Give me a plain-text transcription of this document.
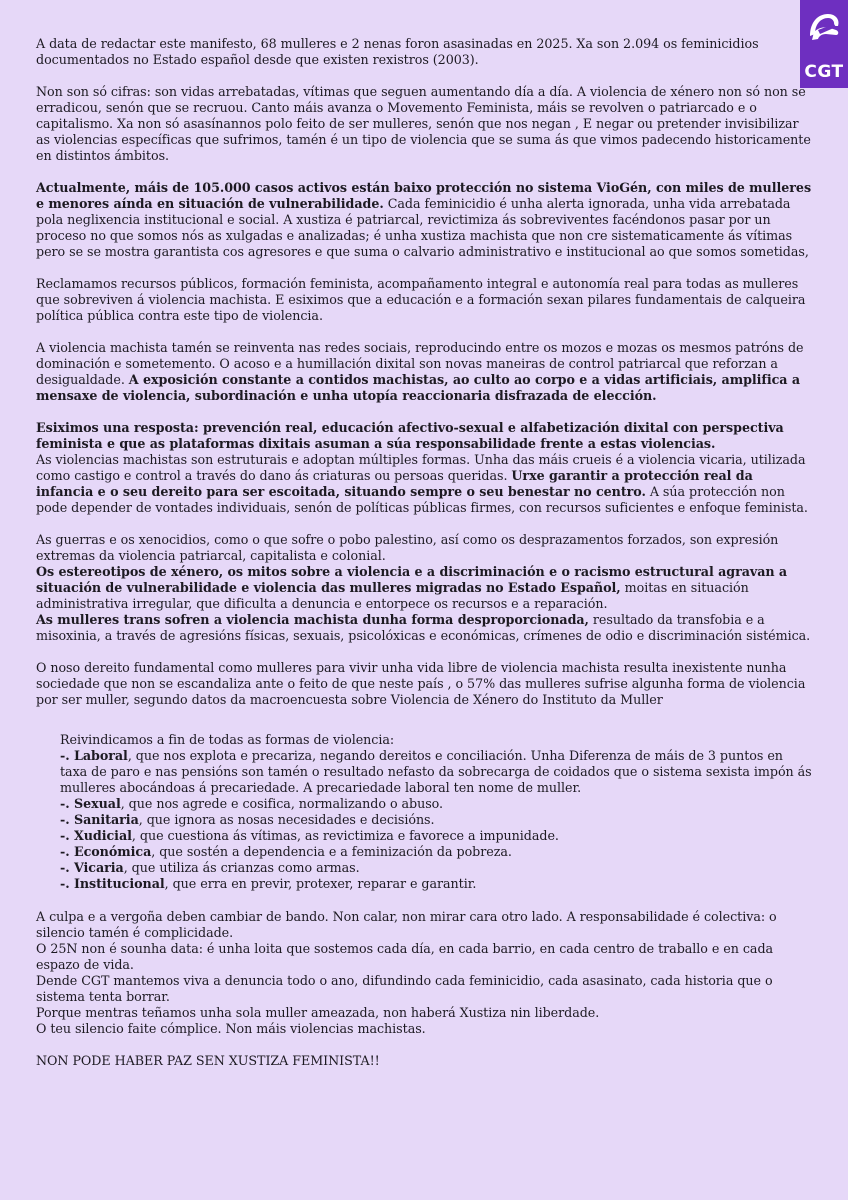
CGT

A data de redactar este manifesto, 68 mulleres e 2 nenas foron asasinadas en 2025. Xa son 2.094 os feminicidios documentados no Estado español desde que existen rexistros (2003).

Non son só cifras: son vidas arrebatadas, vítimas que seguen aumentando día a día. A violencia de xénero non só non se erradicou, senón que se recruou. Canto máis avanza o Movemento Feminista, máis se revolven o patriarcado e o capitalismo. Xa non só asasínannos polo feito de ser mulleres, senón que nos negan , E negar ou pretender invisibilizar as violencias específicas que sufrimos, tamén é un tipo de violencia que se suma ás que vimos padecendo historicamente en distintos ámbitos.

Actualmente, máis de 105.000 casos activos están baixo protección no sistema VioGén, con miles de mulleres e menores aínda en situación de vulnerabilidade. Cada feminicidio é unha alerta ignorada, unha vida arrebatada pola neglixencia institucional e social. A xustiza é patriarcal, revictimiza ás sobreviventes facéndonos pasar por un proceso no que somos nós as xulgadas e analizadas; é unha xustiza machista que non cre sistematicamente ás vítimas pero se se mostra garantista cos agresores e que suma o calvario administrativo e institucional ao que somos sometidas,

Reclamamos recursos públicos, formación feminista, acompañamento integral e autonomía real para todas as mulleres que sobreviven á violencia machista. E esiximos que a educación e a formación sexan pilares fundamentais de calqueira política pública contra este tipo de violencia.

A violencia machista tamén se reinventa nas redes sociais, reproducindo entre os mozos e mozas os mesmos patróns de dominación e sometemento. O acoso e a humillación dixital son novas maneiras de control patriarcal que reforzan a desigualdade. A exposición constante a contidos machistas, ao culto ao corpo e a vidas artificiais, amplifica a mensaxe de violencia, subordinación e unha utopía reaccionaria disfrazada de elección.

Esiximos una resposta: prevención real, educación afectivo-sexual e alfabetización dixital con perspectiva feminista e que as plataformas dixitais asuman a súa responsabilidade frente a estas violencias.

As violencias machistas son estruturais e adoptan múltiples formas. Unha das máis crueis é a violencia vicaria, utilizada como castigo e control a través do dano ás criaturas ou persoas queridas. Urxe garantir a protección real da infancia e o seu dereito para ser escoitada, situando sempre o seu benestar no centro. A súa protección non pode depender de vontades individuais, senón de políticas públicas firmes, con recursos suficientes e enfoque feminista.

As guerras e os xenocidios, como o que sofre o pobo palestino, así como os desprazamentos forzados, son expresión extremas da violencia patriarcal, capitalista e colonial.

Os estereotipos de xénero, os mitos sobre a violencia e a discriminación e o racismo estructural agravan a situación de vulnerabilidade e violencia das mulleres migradas no Estado Español, moitas en situación administrativa irregular, que dificulta a denuncia e entorpece os recursos e a reparación.

As mulleres trans sofren a violencia machista dunha forma desproporcionada, resultado da transfobia e a misoxinia, a través de agresións físicas, sexuais, psicolóxicas e económicas, crímenes de odio e discriminación sistémica.

O noso dereito fundamental como mulleres para vivir unha vida libre de violencia machista resulta inexistente nunha sociedade que non se escandaliza ante o feito de que neste país , o 57% das mulleres sufrise algunha forma de violencia por ser muller, segundo datos da macroencuesta sobre Violencia de Xénero do Instituto da Muller

Reivindicamos a fin de todas as formas de violencia:

-. Laboral, que nos explota e precariza, negando dereitos e conciliación. Unha Diferenza de máis de 3 puntos en taxa de paro e nas pensións son tamén o resultado nefasto da sobrecarga de coidados que o sistema sexista impón ás mulleres abocándoas á precariedade. A precariedade laboral ten nome de muller.

-. Sexual, que nos agrede e cosifica, normalizando o abuso.

-. Sanitaria, que ignora as nosas necesidades e decisións.

-. Xudicial, que cuestiona ás vítimas, as revictimiza e favorece a impunidade.

-. Económica, que sostén a dependencia e a feminización da pobreza.

-. Vicaria, que utiliza ás crianzas como armas.

-. Institucional, que erra en previr, protexer, reparar e garantir.

A culpa e a vergoña deben cambiar de bando. Non calar, non mirar cara otro lado. A responsabilidade é colectiva: o silencio tamén é complicidade.

O 25N non é sounha data: é unha loita que sostemos cada día, en cada barrio, en cada centro de traballo e en cada espazo de vida.

Dende CGT mantemos viva a denuncia todo o ano, difundindo cada feminicidio, cada asasinato, cada historia que o sistema tenta borrar.

Porque mentras teñamos unha sola muller ameazada, non haberá Xustiza nin liberdade.

O teu silencio faite cómplice. Non máis violencias machistas.

NON PODE HABER PAZ SEN XUSTIZA FEMINISTA!!
